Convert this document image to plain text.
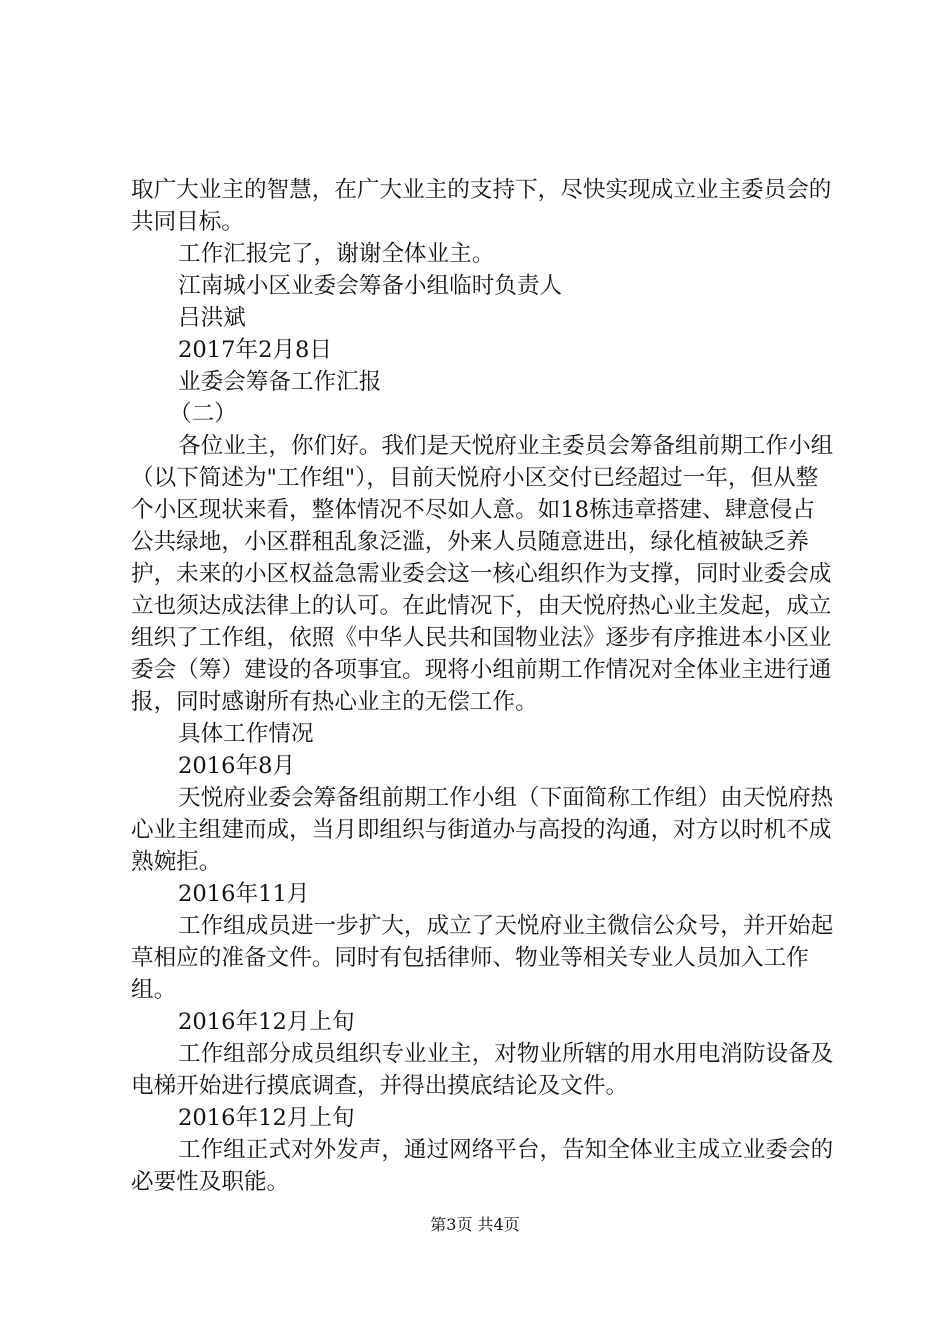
取广大业主的智慧，在广大业主的支持下，尽快实现成立业主委员会的共同目标。

工作汇报完了，谢谢全体业主。

江南城小区业委会筹备小组临时负责人

吕洪斌

2017年2月8日

业委会筹备工作汇报

（二）

各位业主，你们好。我们是天悦府业主委员会筹备组前期工作小组（以下简述为"工作组"），目前天悦府小区交付已经超过一年，但从整个小区现状来看，整体情况不尽如人意。如18栋违章搭建、肆意侵占公共绿地，小区群租乱象泛滥，外来人员随意进出，绿化植被缺乏养护，未来的小区权益急需业委会这一核心组织作为支撑，同时业委会成立也须达成法律上的认可。在此情况下，由天悦府热心业主发起，成立组织了工作组，依照《中华人民共和国物业法》逐步有序推进本小区业委会（筹）建设的各项事宜。现将小组前期工作情况对全体业主进行通报，同时感谢所有热心业主的无偿工作。

具体工作情况

2016年8月

天悦府业委会筹备组前期工作小组（下面简称工作组）由天悦府热心业主组建而成，当月即组织与街道办与高投的沟通，对方以时机不成熟婉拒。

2016年11月

工作组成员进一步扩大，成立了天悦府业主微信公众号，并开始起草相应的准备文件。同时有包括律师、物业等相关专业人员加入工作组。

2016年12月上旬

工作组部分成员组织专业业主，对物业所辖的用水用电消防设备及电梯开始进行摸底调查，并得出摸底结论及文件。

2016年12月上旬

工作组正式对外发声，通过网络平台，告知全体业主成立业委会的必要性及职能。

第3页 共4页
